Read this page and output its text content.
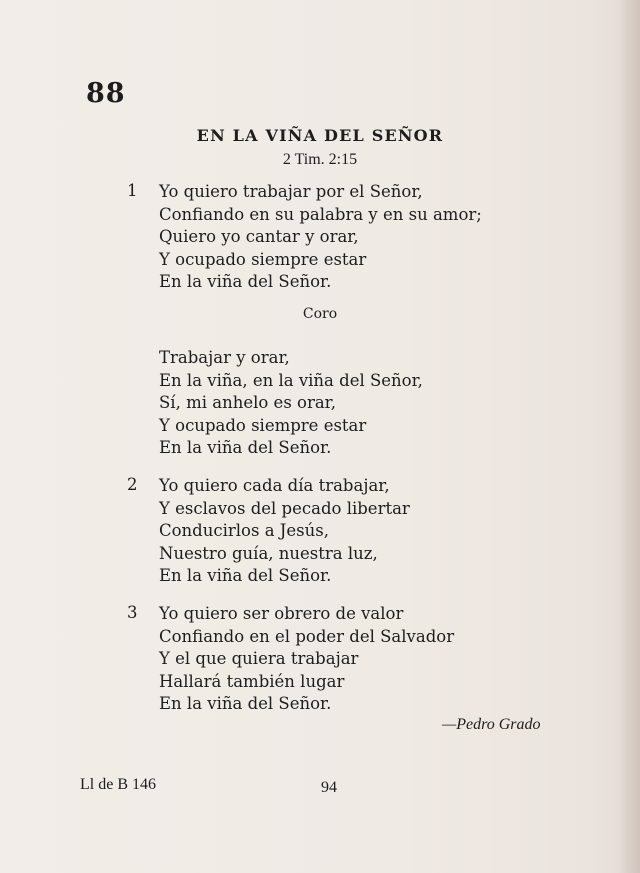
88
EN LA VIÑA DEL SEÑOR
2 Tim. 2:15
1 Yo quiero trabajar por el Señor,
Confiando en su palabra y en su amor;
Quiero yo cantar y orar,
Y ocupado siempre estar
En la viña del Señor.
Coro
Trabajar y orar,
En la viña, en la viña del Señor,
Sí, mi anhelo es orar,
Y ocupado siempre estar
En la viña del Señor.
2 Yo quiero cada día trabajar,
Y esclavos del pecado libertar
Conducirlos a Jesús,
Nuestro guía, nuestra luz,
En la viña del Señor.
3 Yo quiero ser obrero de valor
Confiando en el poder del Salvador
Y el que quiera trabajar
Hallará también lugar
En la viña del Señor.
—Pedro Grado
Ll de B 146	94
